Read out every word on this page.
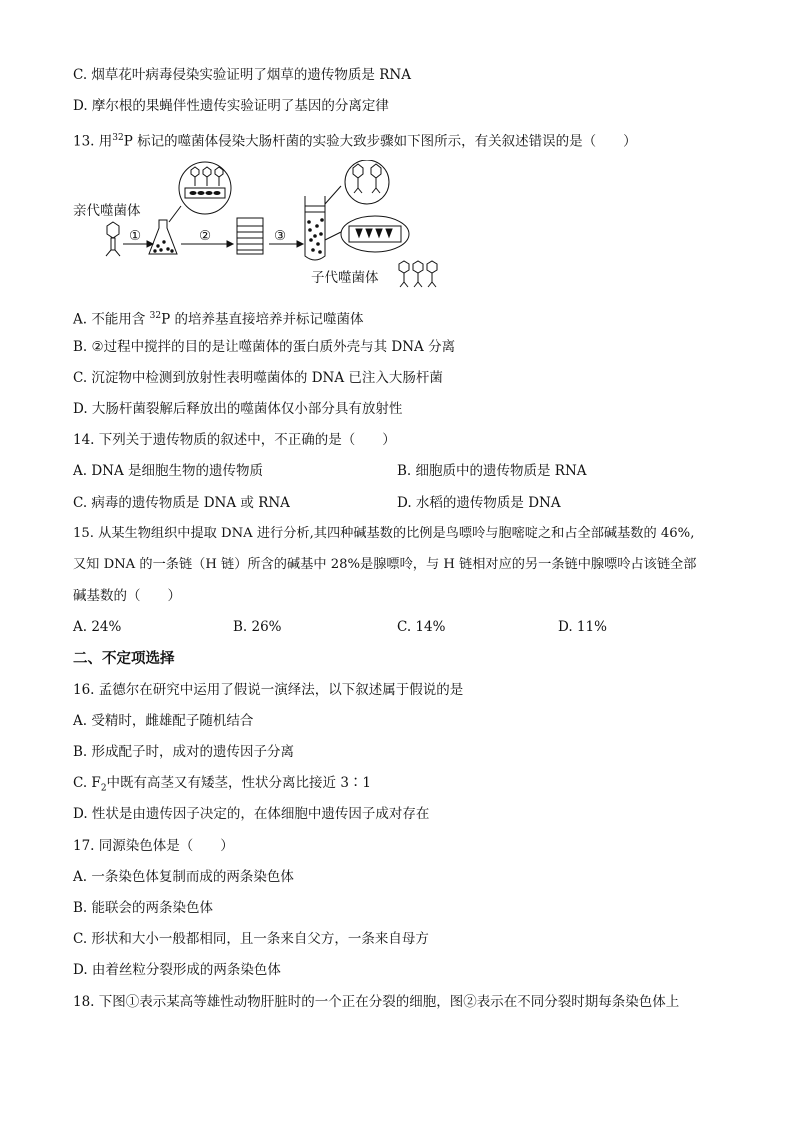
C. 烟草花叶病毒侵染实验证明了烟草的遗传物质是 RNA
D. 摩尔根的果蝇伴性遗传实验证明了基因的分离定律
13. 用$^{32}$P 标记的噬菌体侵染大肠杆菌的实验大致步骤如下图所示，有关叙述错误的是（　　）
亲代噬菌体
①	②	③
子代噬菌体
A. 不能用含 $^{32}$P 的培养基直接培养并标记噬菌体
B. ②过程中搅拌的目的是让噬菌体的蛋白质外壳与其 DNA 分离
C. 沉淀物中检测到放射性表明噬菌体的 DNA 已注入大肠杆菌
D. 大肠杆菌裂解后释放出的噬菌体仅小部分具有放射性
14. 下列关于遗传物质的叙述中，不正确的是（　　）
A. DNA 是细胞生物的遗传物质	B. 细胞质中的遗传物质是 RNA
C. 病毒的遗传物质是 DNA 或 RNA	D. 水稻的遗传物质是 DNA
15. 从某生物组织中提取 DNA 进行分析,其四种碱基数的比例是鸟嘌呤与胞嘧啶之和占全部碱基数的 46%,
又知 DNA 的一条链（H 链）所含的碱基中 28%是腺嘌呤，与 H 链相对应的另一条链中腺嘌呤占该链全部
碱基数的（　　）
A. 24%	B. 26%	C. 14%	D. 11%
二、不定项选择
16. 孟德尔在研究中运用了假说一演绎法，以下叙述属于假说的是
A. 受精时，雌雄配子随机结合
B. 形成配子时，成对的遗传因子分离
C. $F_2$中既有高茎又有矮茎，性状分离比接近 3∶1
D. 性状是由遗传因子决定的，在体细胞中遗传因子成对存在
17. 同源染色体是（　　）
A. 一条染色体复制而成的两条染色体
B. 能联会的两条染色体
C. 形状和大小一般都相同，且一条来自父方，一条来自母方
D. 由着丝粒分裂形成的两条染色体
18. 下图①表示某高等雄性动物肝脏时的一个正在分裂的细胞，图②表示在不同分裂时期每条染色体上
